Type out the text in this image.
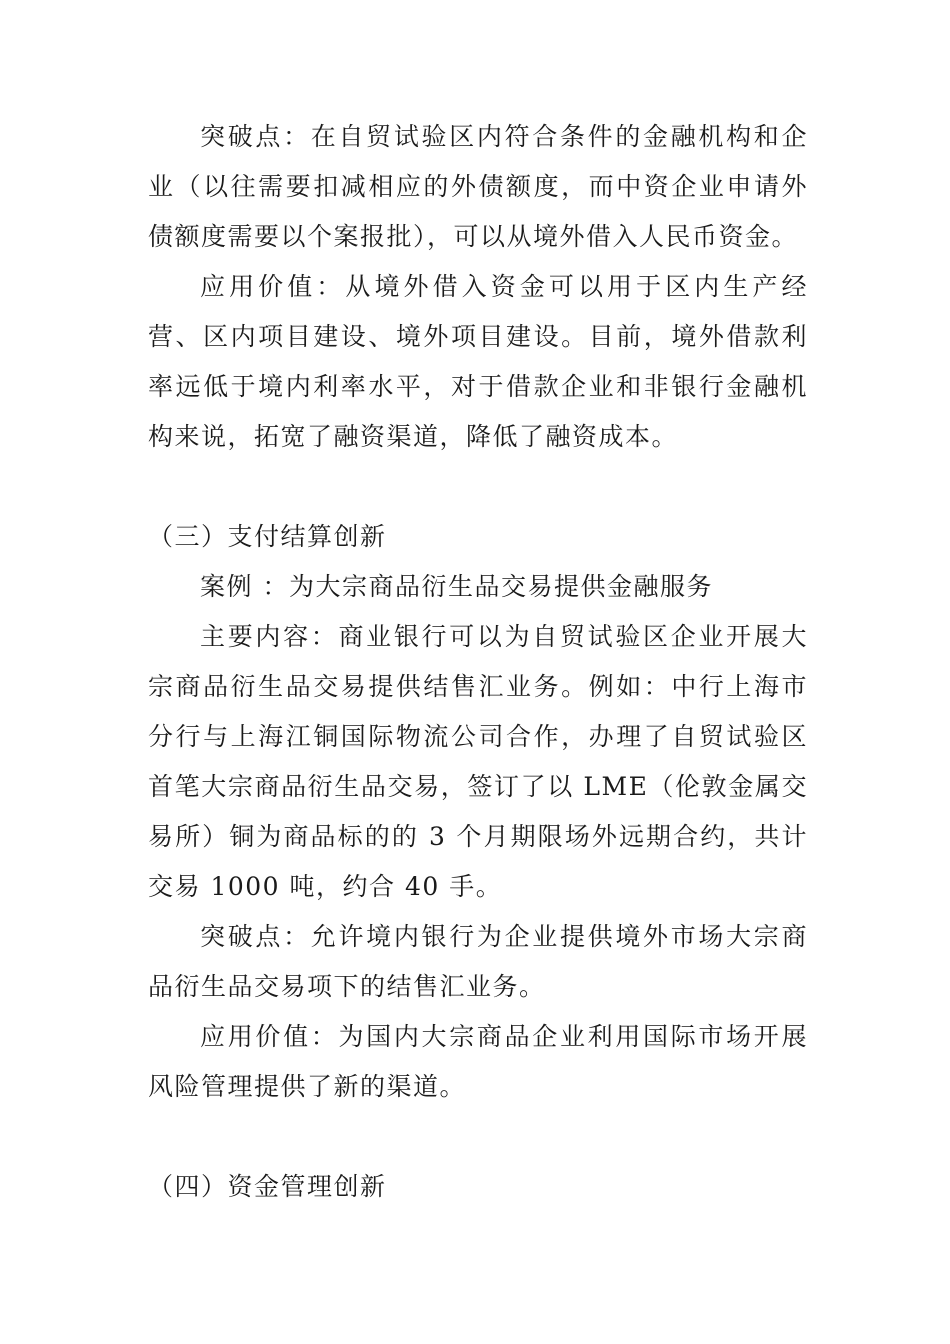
突破点：在自贸试验区内符合条件的金融机构和企业（以往需要扣减相应的外债额度，而中资企业申请外债额度需要以个案报批），可以从境外借入人民币资金。

应用价值：从境外借入资金可以用于区内生产经营、区内项目建设、境外项目建设。目前，境外借款利率远低于境内利率水平，对于借款企业和非银行金融机构来说，拓宽了融资渠道，降低了融资成本。

（三）支付结算创新

案例 ：为大宗商品衍生品交易提供金融服务

主要内容：商业银行可以为自贸试验区企业开展大宗商品衍生品交易提供结售汇业务。例如：中行上海市分行与上海江铜国际物流公司合作，办理了自贸试验区首笔大宗商品衍生品交易，签订了以 LME（伦敦金属交易所）铜为商品标的的 3 个月期限场外远期合约，共计交易 1000 吨，约合 40 手。

突破点：允许境内银行为企业提供境外市场大宗商品衍生品交易项下的结售汇业务。

应用价值：为国内大宗商品企业利用国际市场开展风险管理提供了新的渠道。

（四）资金管理创新
